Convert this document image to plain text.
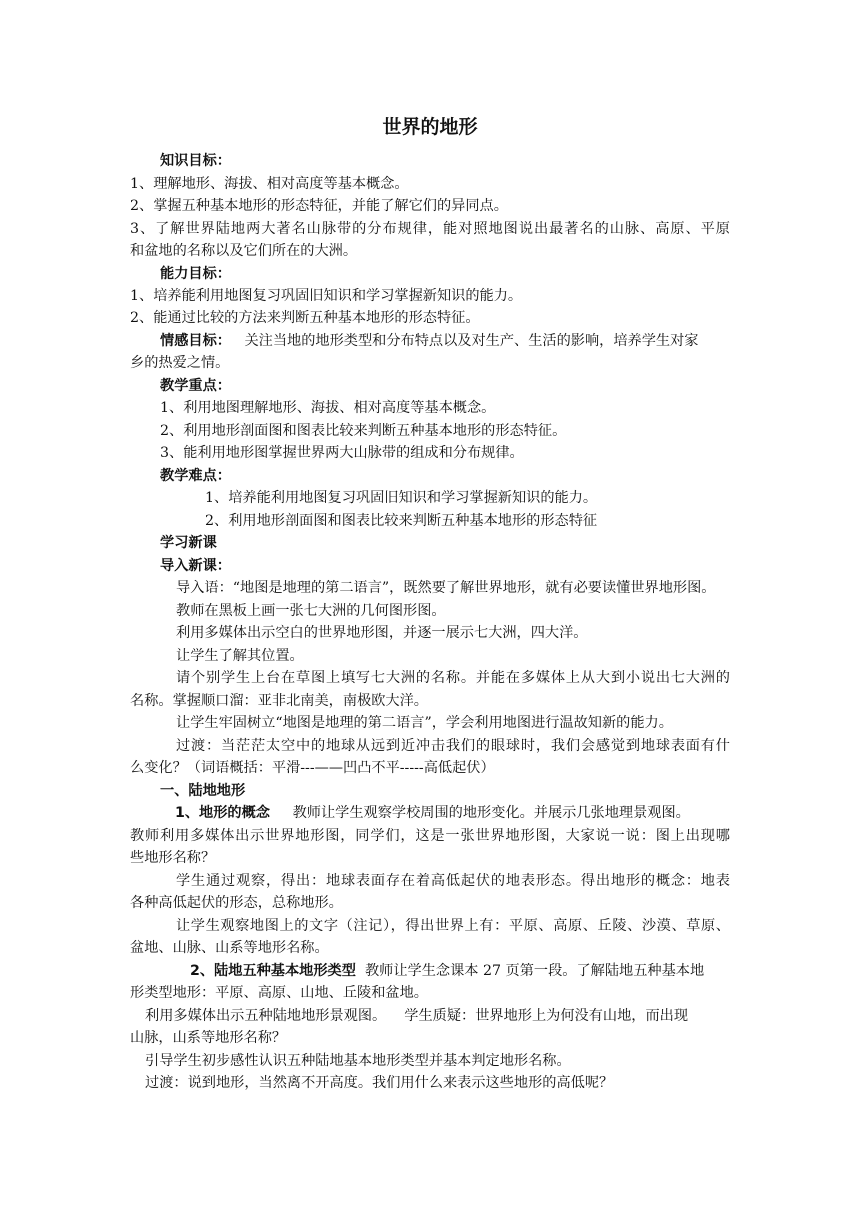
世界的地形
知识目标：
1、理解地形、海拔、相对高度等基本概念。
2、掌握五种基本地形的形态特征，并能了解它们的异同点。
3、了解世界陆地两大著名山脉带的分布规律，能对照地图说出最著名的山脉、高原、平原
和盆地的名称以及它们所在的大洲。
能力目标：
1、培养能利用地图复习巩固旧知识和学习掌握新知识的能力。
2、能通过比较的方法来判断五种基本地形的形态特征。
情感目标： 关注当地的地形类型和分布特点以及对生产、生活的影响，培养学生对家
乡的热爱之情。
教学重点：
1、利用地图理解地形、海拔、相对高度等基本概念。
2、利用地形剖面图和图表比较来判断五种基本地形的形态特征。
3、能利用地形图掌握世界两大山脉带的组成和分布规律。
教学难点：
1、培养能利用地图复习巩固旧知识和学习掌握新知识的能力。
2、利用地形剖面图和图表比较来判断五种基本地形的形态特征
学习新课
导入新课：
导入语：“地图是地理的第二语言”，既然要了解世界地形，就有必要读懂世界地形图。
教师在黑板上画一张七大洲的几何图形图。
利用多媒体出示空白的世界地形图，并逐一展示七大洲，四大洋。
让学生了解其位置。
请个别学生上台在草图上填写七大洲的名称。并能在多媒体上从大到小说出七大洲的
名称。掌握顺口溜：亚非北南美，南极欧大洋。
让学生牢固树立“地图是地理的第二语言”，学会利用地图进行温故知新的能力。
过渡：当茫茫太空中的地球从远到近冲击我们的眼球时，我们会感觉到地球表面有什
么变化？（词语概括：平滑---——凹凸不平-----高低起伏）
一、陆地地形
1、地形的概念 教师让学生观察学校周围的地形变化。并展示几张地理景观图。
教师利用多媒体出示世界地形图，同学们，这是一张世界地形图，大家说一说：图上出现哪
些地形名称？
学生通过观察，得出：地球表面存在着高低起伏的地表形态。得出地形的概念：地表
各种高低起伏的形态，总称地形。
让学生观察地图上的文字（注记），得出世界上有：平原、高原、丘陵、沙漠、草原、
盆地、山脉、山系等地形名称。
2、陆地五种基本地形类型 教师让学生念课本 27 页第一段。了解陆地五种基本地
形类型地形：平原、高原、山地、丘陵和盆地。
利用多媒体出示五种陆地地形景观图。 学生质疑：世界地形上为何没有山地，而出现
山脉，山系等地形名称？
引导学生初步感性认识五种陆地基本地形类型并基本判定地形名称。
过渡：说到地形，当然离不开高度。我们用什么来表示这些地形的高低呢？
